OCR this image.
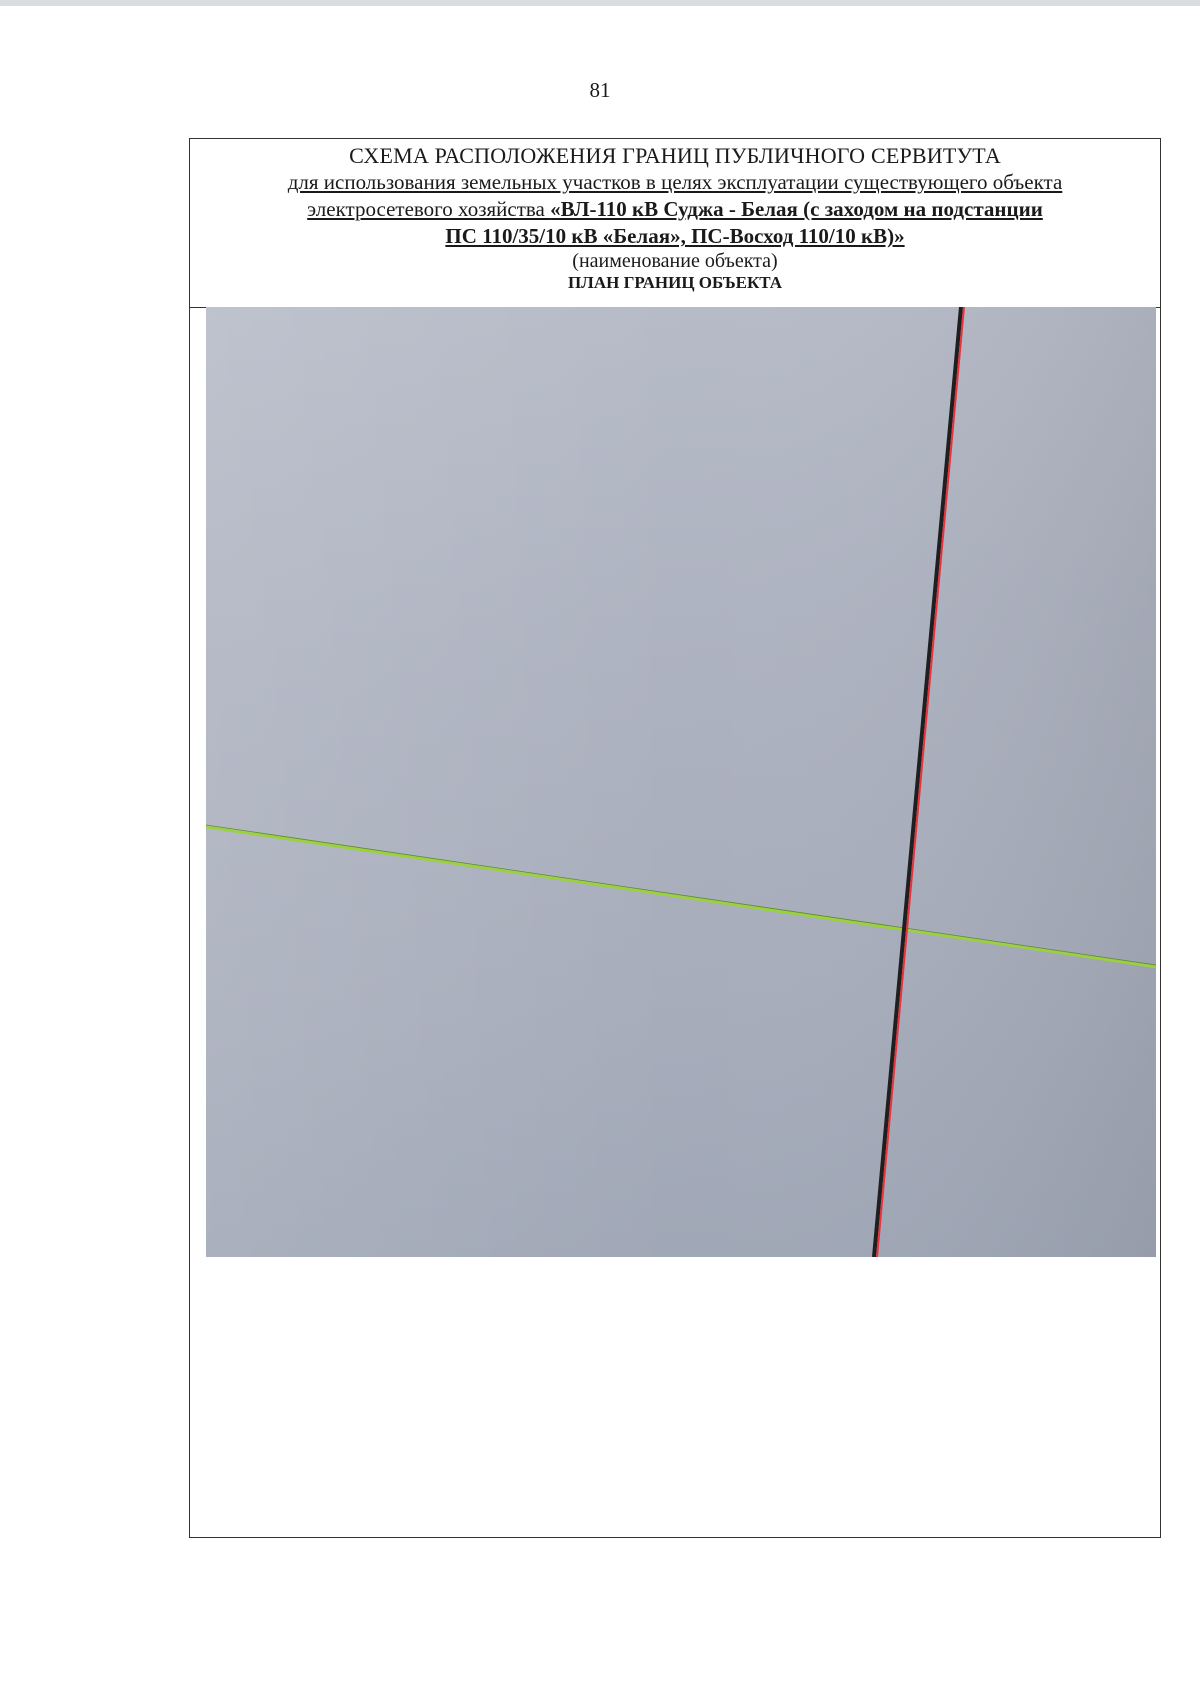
81
СХЕМА РАСПОЛОЖЕНИЯ ГРАНИЦ ПУБЛИЧНОГО СЕРВИТУТА
для использования земельных участков в целях эксплуатации существующего объекта
электросетевого хозяйства «ВЛ-110 кВ Суджа - Белая (с заходом на подстанции
ПС 110/35/10 кВ «Белая», ПС-Восход 110/10 кВ)»
(наименование объекта)
ПЛАН ГРАНИЦ ОБЪЕКТА
